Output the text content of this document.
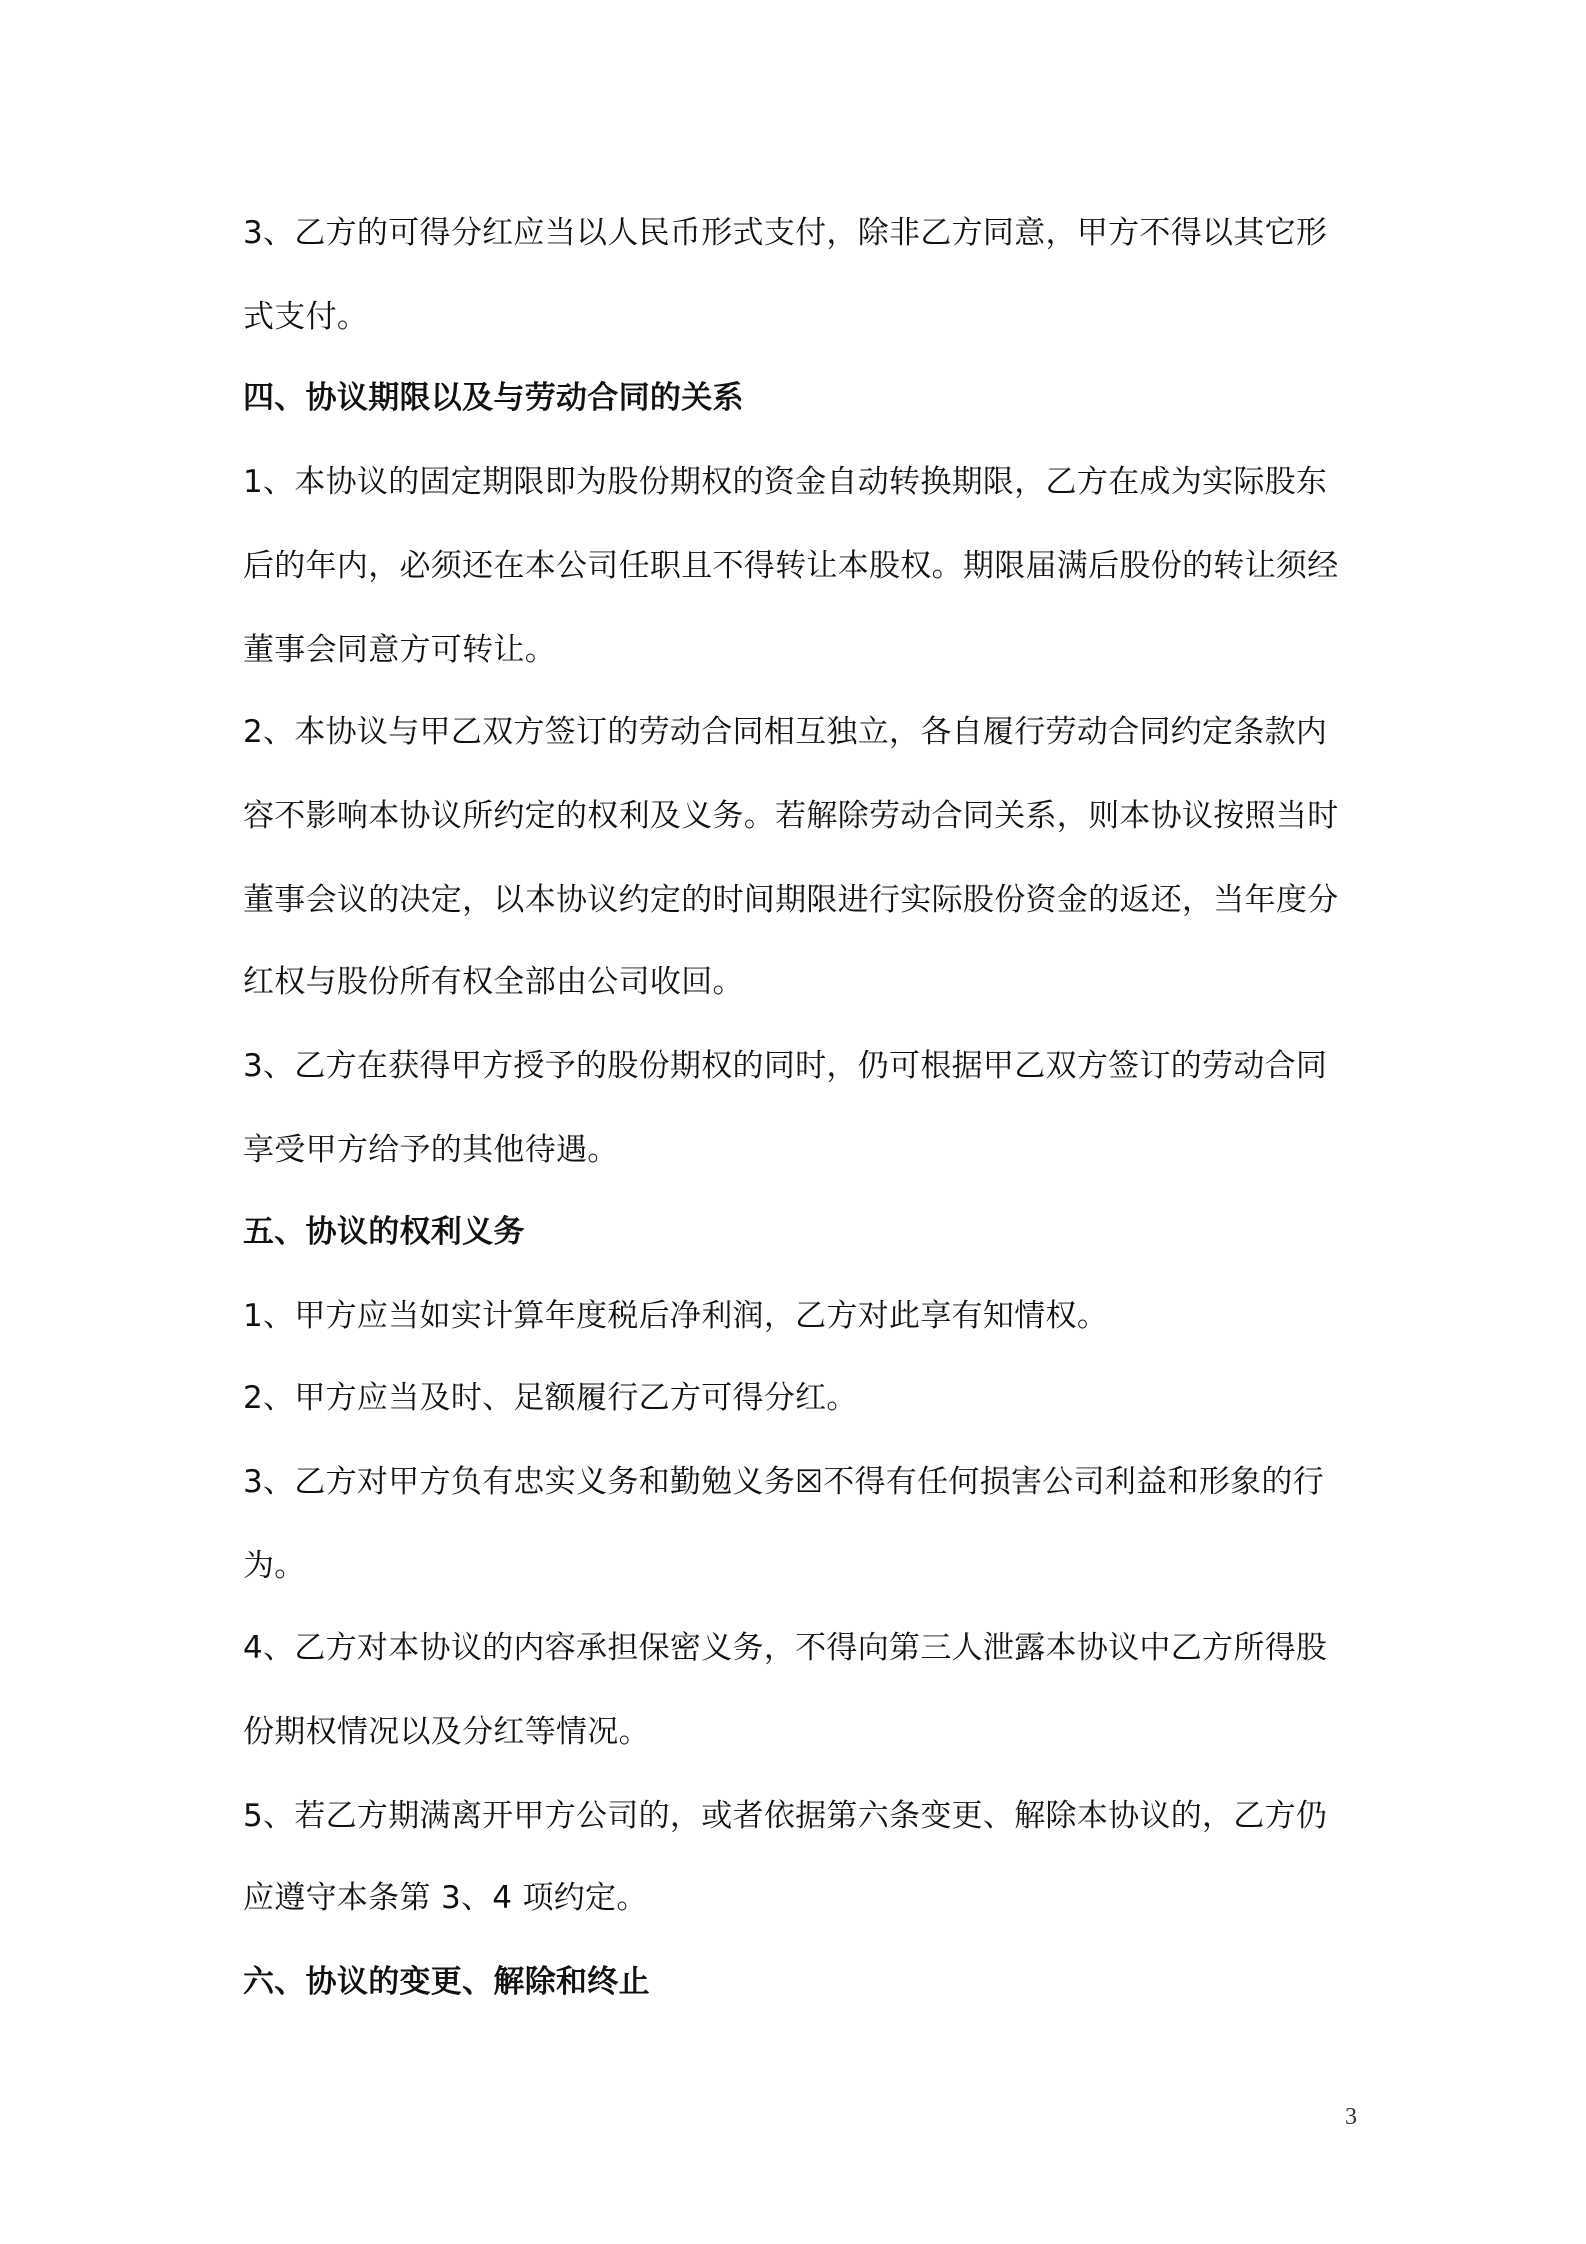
3、乙方的可得分红应当以人民币形式支付，除非乙方同意，甲方不得以其它形
式支付。
四、协议期限以及与劳动合同的关系
1、本协议的固定期限即为股份期权的资金自动转换期限，乙方在成为实际股东
后的年内，必须还在本公司任职且不得转让本股权。期限届满后股份的转让须经
董事会同意方可转让。
2、本协议与甲乙双方签订的劳动合同相互独立，各自履行劳动合同约定条款内
容不影响本协议所约定的权利及义务。若解除劳动合同关系，则本协议按照当时
董事会议的决定，以本协议约定的时间期限进行实际股份资金的返还，当年度分
红权与股份所有权全部由公司收回。
3、乙方在获得甲方授予的股份期权的同时，仍可根据甲乙双方签订的劳动合同
享受甲方给予的其他待遇。
五、协议的权利义务
1、甲方应当如实计算年度税后净利润，乙方对此享有知情权。
2、甲方应当及时、足额履行乙方可得分红。
3、乙方对甲方负有忠实义务和勤勉义务☒不得有任何损害公司利益和形象的行
为。
4、乙方对本协议的内容承担保密义务，不得向第三人泄露本协议中乙方所得股
份期权情况以及分红等情况。
5、若乙方期满离开甲方公司的，或者依据第六条变更、解除本协议的，乙方仍
应遵守本条第 3、4 项约定。
六、协议的变更、解除和终止
3
